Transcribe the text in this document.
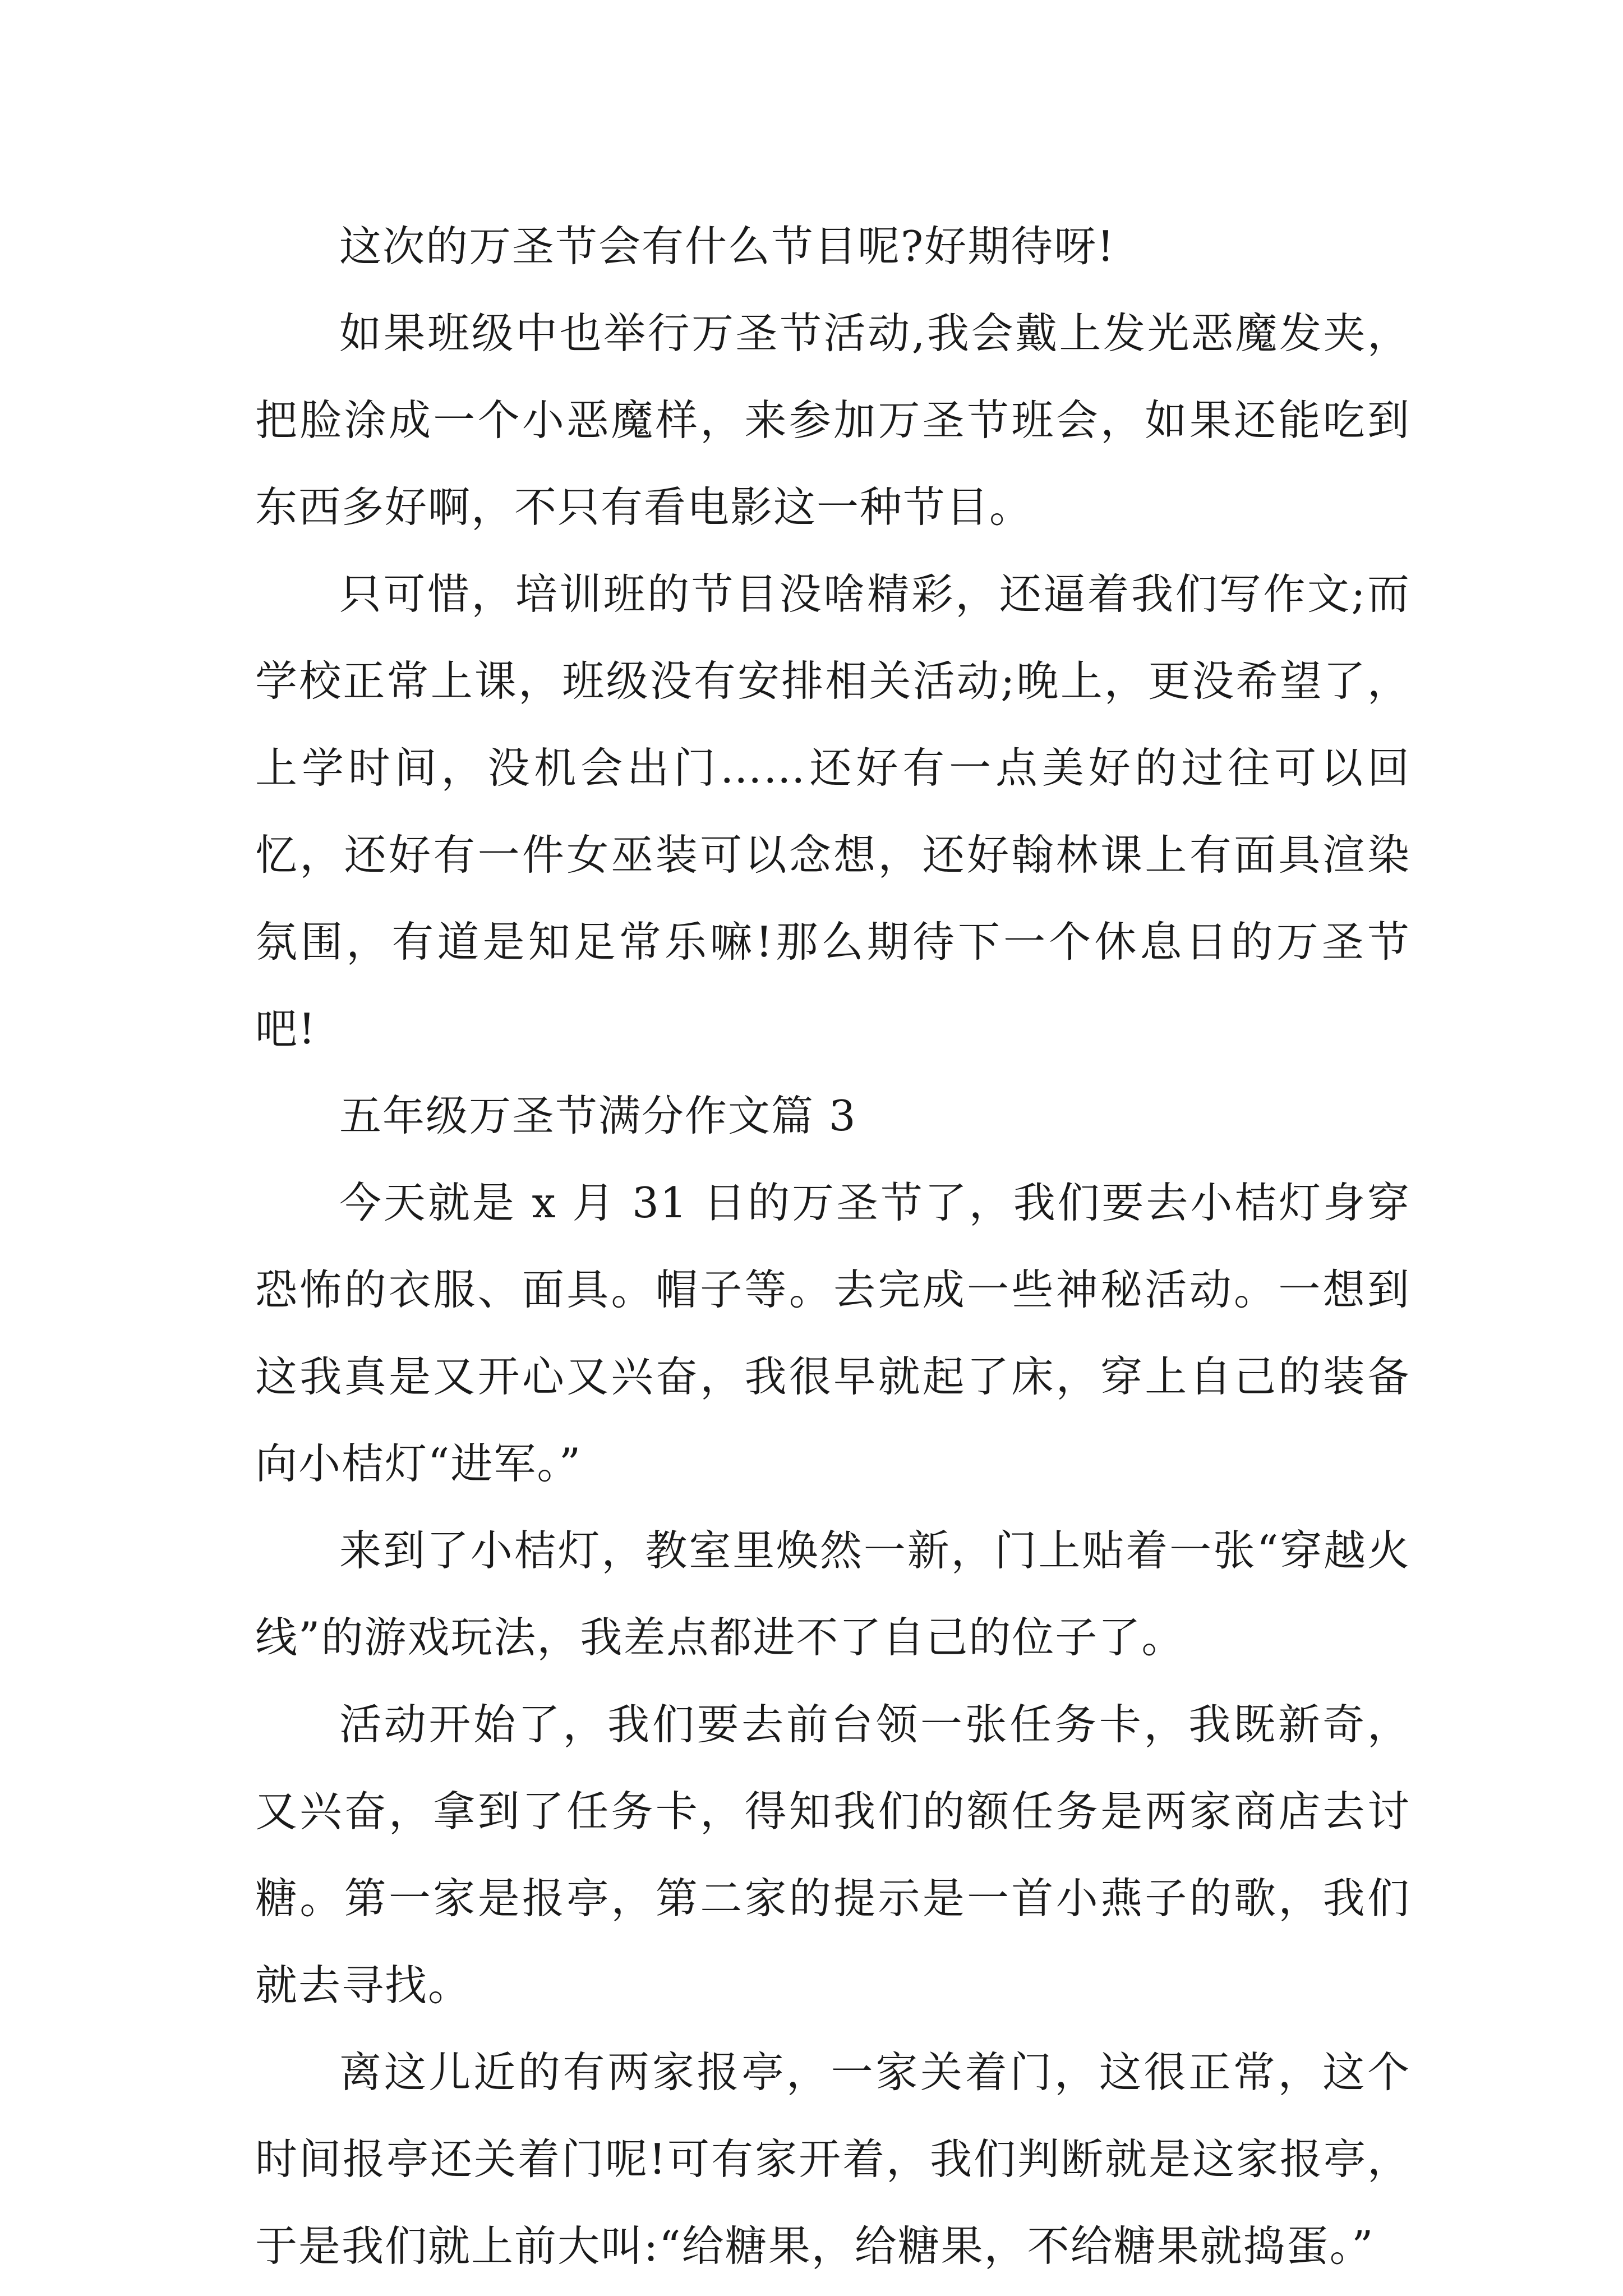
这次的万圣节会有什么节目呢?好期待呀!

如果班级中也举行万圣节活动,我会戴上发光恶魔发夹，把脸涂成一个小恶魔样，来参加万圣节班会，如果还能吃到东西多好啊，不只有看电影这一种节目。

只可惜，培训班的节目没啥精彩，还逼着我们写作文;而学校正常上课，班级没有安排相关活动;晚上，更没希望了，上学时间，没机会出门……还好有一点美好的过往可以回忆，还好有一件女巫装可以念想，还好翰林课上有面具渲染氛围，有道是知足常乐嘛!那么期待下一个休息日的万圣节吧!

五年级万圣节满分作文篇 3

今天就是 x 月 31 日的万圣节了，我们要去小桔灯身穿恐怖的衣服、面具。帽子等。去完成一些神秘活动。一想到这我真是又开心又兴奋，我很早就起了床，穿上自己的装备向小桔灯“进军。”

来到了小桔灯，教室里焕然一新，门上贴着一张“穿越火线”的游戏玩法，我差点都进不了自己的位子了。

活动开始了，我们要去前台领一张任务卡，我既新奇，又兴奋，拿到了任务卡，得知我们的额任务是两家商店去讨糖。第一家是报亭，第二家的提示是一首小燕子的歌，我们就去寻找。

离这儿近的有两家报亭，一家关着门，这很正常，这个时间报亭还关着门呢!可有家开着，我们判断就是这家报亭，于是我们就上前大叫:“给糖果，给糖果，不给糖果就捣蛋。”
